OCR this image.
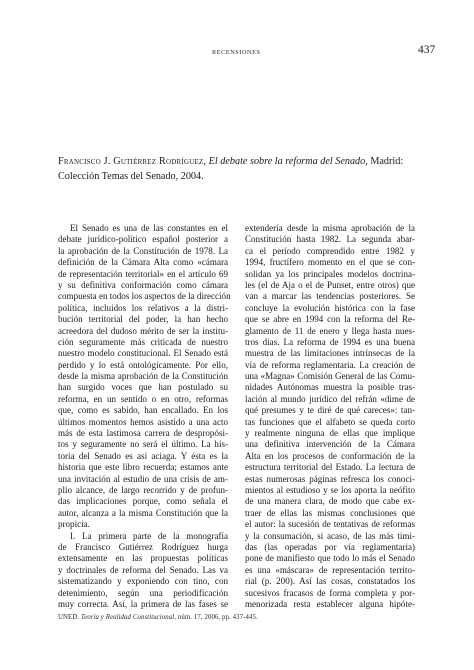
RECENSIONES	437
Francisco J. Gutiérrez Rodríguez, El debate sobre la reforma del Senado, Madrid: Colección Temas del Senado, 2004.
El Senado es una de las constantes en el
debate jurídico-político español posterior a
la aprobación de la Constitución de 1978. La
definición de la Cámara Alta como «cámara
de representación territorial» en el artículo 69
y su definitiva conformación como cámara
compuesta en todos los aspectos de la dirección
política, incluidos los relativos a la distri-
bución territorial del poder, la han hecho
acreedora del dudoso mérito de ser la institu-
ción seguramente más criticada de nuestro
nuestro modelo constitucional. El Senado está
perdido y lo está ontológicamente. Por ello,
desde la misma aprobación de la Constitución
han surgido voces que han postulado su
reforma, en un sentido o en otro, reformas
que, como es sabido, han encallado. En los
últimos momentos hemos asistido a una acto
más de esta lastimosa carrera de despropósi-
tos y seguramente no será el último. La his-
toria del Senado es así aciaga. Y ésta es la
historia que este libro recuerda; estamos ante
una invitación al estudio de una crisis de am-
plio alcance, de largo recorrido y de profun-
das implicaciones porque, como señala el
autor, alcanza a la misma Constitución que la
propicia.
I. La primera parte de la monografía
de Francisco Gutiérrez Rodríguez hurga
extensamente en las propuestas políticas
y doctrinales de reforma del Senado. Las va
sistematizando y exponiendo con tino, con
detenimiento, según una periodificación
muy correcta. Así, la primera de las fases se
extendería desde la misma aprobación de la
Constitución hasta 1982. La segunda abar-
ca el período comprendido entre 1982 y
1994, fructífero momento en el que se con-
solidan ya los principales modelos doctrina-
les (el de Aja o el de Punset, entre otros) que
van a marcar las tendencias posteriores. Se
concluye la evolución histórica con la fase
que se abre en 1994 con la reforma del Re-
glamento de 11 de enero y llega hasta nues-
tros días. La reforma de 1994 es una buena
muestra de las limitaciones intrínsecas de la
vía de reforma reglamentaria. La creación de
una «Magna» Comisión General de las Comu-
nidades Autónomas muestra la posible tras-
lación al mundo jurídico del refrán «dime de
qué presumes y te diré de qué careces»: tan-
tas funciones que el alfabeto se queda corto
y realmente ninguna de ellas que implique
una definitiva intervención de la Cámara
Alta en los procesos de conformación de la
estructura territorial del Estado. La lectura de
estas numerosas páginas refresca los conoci-
mientos al estudioso y se los aporta la neófito
de una manera clara, de modo que cabe ex-
traer de ellas las mismas conclusiones que
el autor: la sucesión de tentativas de reformas
y la consumación, si acaso, de las más tími-
das (las operadas por vía reglamentaria)
pone de manifiesto que todo lo más el Senado
es una «máscara» de representación territo-
rial (p. 200). Así las cosas, constatados los
sucesivos fracasos de forma completa y por-
menorizada resta establecer alguna hipóte-
UNED. Teoría y Realidad Constitucional, núm. 17, 2006, pp. 437-445.
